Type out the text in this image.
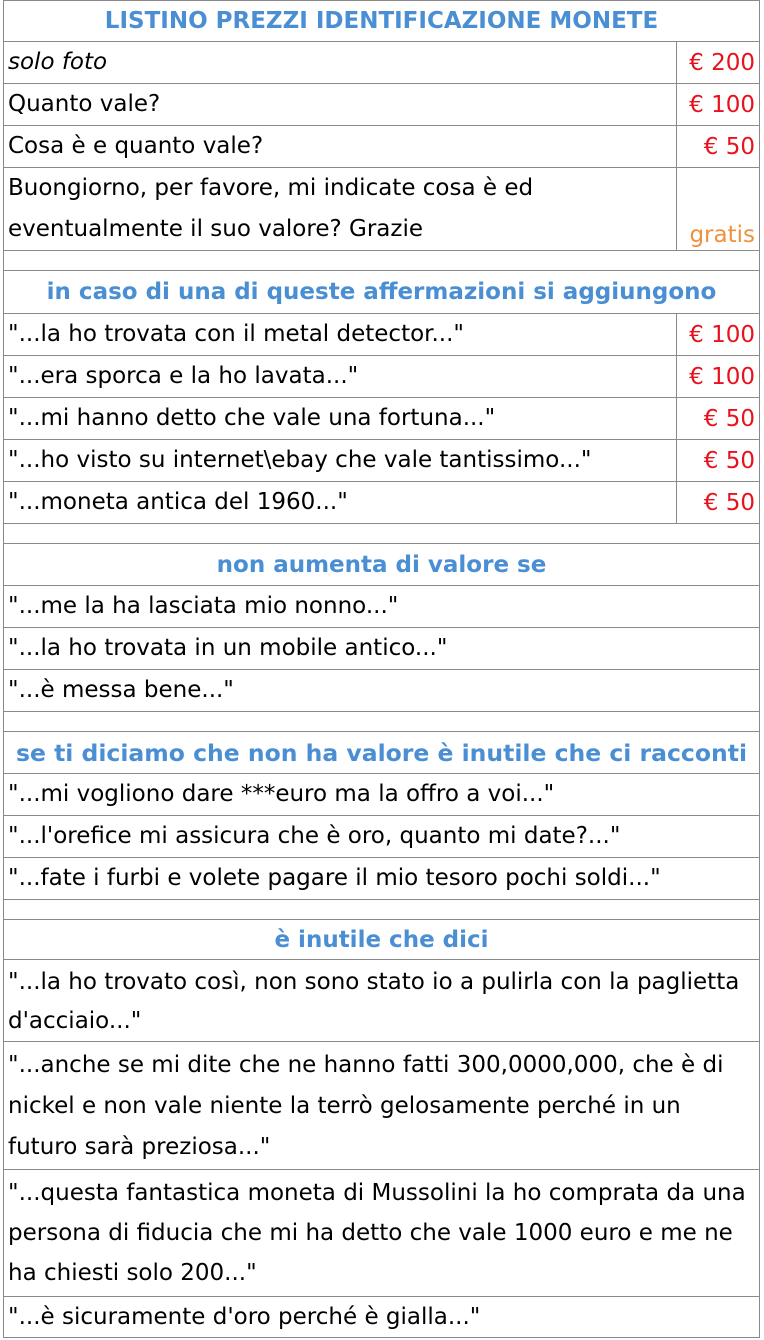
LISTINO PREZZI IDENTIFICAZIONE MONETE
solo foto	€ 200
Quanto vale?	€ 100
Cosa è e quanto vale?	€ 50
Buongiorno, per favore, mi indicate cosa è ed eventualmente il suo valore? Grazie	gratis
in caso di una di queste affermazioni si aggiungono
"...la ho trovata con il metal detector..."	€ 100
"...era sporca e la ho lavata..."	€ 100
"...mi hanno detto che vale una fortuna..."	€ 50
"...ho visto su internet\ebay che vale tantissimo..."	€ 50
"...moneta antica del 1960..."	€ 50
non aumenta di valore se
"...me la ha lasciata mio nonno..."
"...la ho trovata in un mobile antico..."
"...è messa bene..."
se ti diciamo che non ha valore è inutile che ci racconti
"...mi vogliono dare ***euro ma la offro a voi..."
"...l'orefice mi assicura che è oro, quanto mi date?..."
"...fate i furbi e volete pagare il mio tesoro pochi soldi..."
è inutile che dici
"...la ho trovato così, non sono stato io a pulirla con la paglietta d'acciaio..."
"...anche se mi dite che ne hanno fatti 300,0000,000, che è di nickel e non vale niente la terrò gelosamente perché in un futuro sarà preziosa..."
"...questa fantastica moneta di Mussolini la ho comprata da una persona di fiducia che mi ha detto che vale 1000 euro e me ne ha chiesti solo 200..."
"...è sicuramente d'oro perché è gialla..."
